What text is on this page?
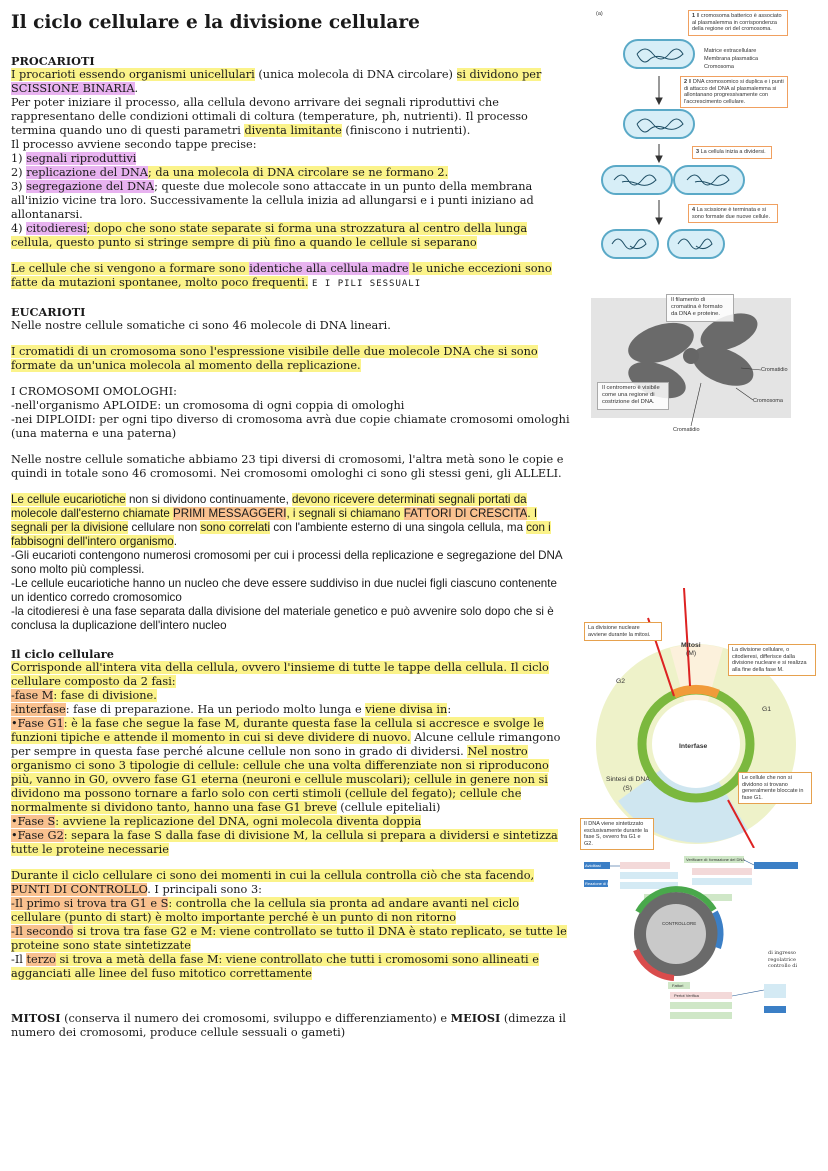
Il ciclo cellulare e la divisione cellulare

PROCARIOTI

I procarioti essendo organismi unicellulari (unica molecola di DNA circolare) si dividono per
SCISSIONE BINARIA.

Per poter iniziare il processo, alla cellula devono arrivare dei segnali riproduttivi che rappresentano delle condizioni ottimali di coltura (temperature, ph, nutrienti). Il processo termina quando uno di questi parametri diventa limitante (finiscono i nutrienti).

Il processo avviene secondo tappe precise:

1) segnali riproduttivi

2) replicazione del DNA; da una molecola di DNA circolare se ne formano 2.

3) segregazione del DNA; queste due molecole sono attaccate in un punto della membrana all'inizio vicine tra loro. Successivamente la cellula inizia ad allungarsi e i punti iniziano ad allontanarsi.

4) citodieresi; dopo che sono state separate si forma una strozzatura al centro della lunga cellula, questo punto si stringe sempre di più fino a quando le cellule si separano

Le cellule che si vengono a formare sono identiche alla cellula madre le uniche eccezioni sono fatte da mutazioni spontanee, molto poco frequenti. E I PILI SESSUALI

EUCARIOTI

Nelle nostre cellule somatiche ci sono 46 molecole di DNA lineari.

I cromatidi di un cromosoma sono l'espressione visibile delle due molecole DNA che si sono formate da un'unica molecola al momento della replicazione.

I CROMOSOMI OMOLOGHI:

-nell'organismo APLOIDE: un cromosoma di ogni coppia di omologhi

-nei DIPLOIDI: per ogni tipo diverso di cromosoma avrà due copie chiamate cromosomi omologhi (una materna e una paterna)

Nelle nostre cellule somatiche abbiamo 23 tipi diversi di cromosomi, l'altra metà sono le copie e quindi in totale sono 46 cromosomi. Nei cromosomi omologhi ci sono gli stessi geni, gli ALLELI.

Le cellule eucariotiche non si dividono continuamente, devono ricevere determinati segnali portati da molecole dall'esterno chiamate PRIMI MESSAGGERI, i segnali si chiamano FATTORI DI CRESCITA. I segnali per la divisione cellulare non sono correlati con l'ambiente esterno di una singola cellula, ma con i fabbisogni dell'intero organismo.

-Gli eucarioti contengono numerosi cromosomi per cui i processi della replicazione e segregazione del DNA sono molto più complessi.

-Le cellule eucariotiche hanno un nucleo che deve essere suddiviso in due nuclei figli ciascuno contenente un identico corredo cromosomico

-la citodieresi è una fase separata dalla divisione del materiale genetico e può avvenire solo dopo che si è conclusa la duplicazione dell'intero nucleo

Il ciclo cellulare

Corrisponde all'intera vita della cellula, ovvero l'insieme di tutte le tappe della cellula. Il ciclo cellulare composto da 2 fasi:

-fase M: fase di divisione.

-interfase: fase di preparazione. Ha un periodo molto lunga e viene divisa in:

•Fase G1: è la fase che segue la fase M, durante questa fase la cellula si accresce e svolge le funzioni tipiche e attende il momento in cui si deve dividere di nuovo. Alcune cellule rimangono per sempre in questa fase perché alcune cellule non sono in grado di dividersi. Nel nostro organismo ci sono 3 tipologie di cellule: cellule che una volta differenziate non si riproducono più, vanno in G0, ovvero fase G1 eterna (neuroni e cellule muscolari); cellule in genere non si dividono ma possono tornare a farlo solo con certi stimoli (cellule del fegato); cellule che normalmente si dividono tanto, hanno una fase G1 breve (cellule epiteliali)

•Fase S: avviene la replicazione del DNA, ogni molecola diventa doppia

•Fase G2: separa la fase S dalla fase di divisione M, la cellula si prepara a dividersi e sintetizza tutte le proteine necessarie

Durante il ciclo cellulare ci sono dei momenti in cui la cellula controlla ciò che sta facendo, PUNTI DI CONTROLLO. I principali sono 3:

-Il primo si trova tra G1 e S: controlla che la cellula sia pronta ad andare avanti nel ciclo cellulare (punto di start) è molto importante perché è un punto di non ritorno

-Il secondo si trova tra fase G2 e M: viene controllato se tutto il DNA è stato replicato, se tutte le proteine sono state sintetizzate

-Il terzo si trova a metà della fase M: viene controllato che tutti i cromosomi sono allineati e agganciati alle linee del fuso mitotico correttamente

MITOSI (conserva il numero dei cromosomi, sviluppo e differenziamento) e MEIOSI (dimezza il numero dei cromosomi, produce cellule sessuali o gameti)

(a)	1 Il cromosoma batterico è associato al plasmalemma in corrispondenza della regione ori del cromosoma.
Matrice extracellulare
Membrana plasmatica
Cromosoma
2 Il DNA cromosomico si duplica e i punti di attacco del DNA al plasmalemma si allontanano progressivamente con l'accrescimento cellulare.
3 La cellula inizia a dividersi.
4 La scissione è terminata e si sono formate due nuove cellule.
Il filamento di cromatina è formato da DNA e proteine.
Il centromero è visibile come una regione di costrizione del DNA.
Cromatidio
Cromosoma
Cromatidio
La divisione nucleare avviene durante la mitosi.
La divisione cellulare, o citodieresi, differisce dalla divisione nucleare e si realizza alla fine della fase M.
Le cellule che non si dividono si trovano generalmente bloccate in fase G1.
Il DNA viene sintetizzato esclusivamente durante la fase S, ovvero fra G1 e G2.
Mitosi
(M)
G2
G1
Interfase
Sintesi di DNA
(S)
Verificare di: formazione del DNA
Aviolitasi
Reazione di DNA
CONTROLLORE
Fattori
Pertot Verifica
di ingresso regolatrice controllo di
